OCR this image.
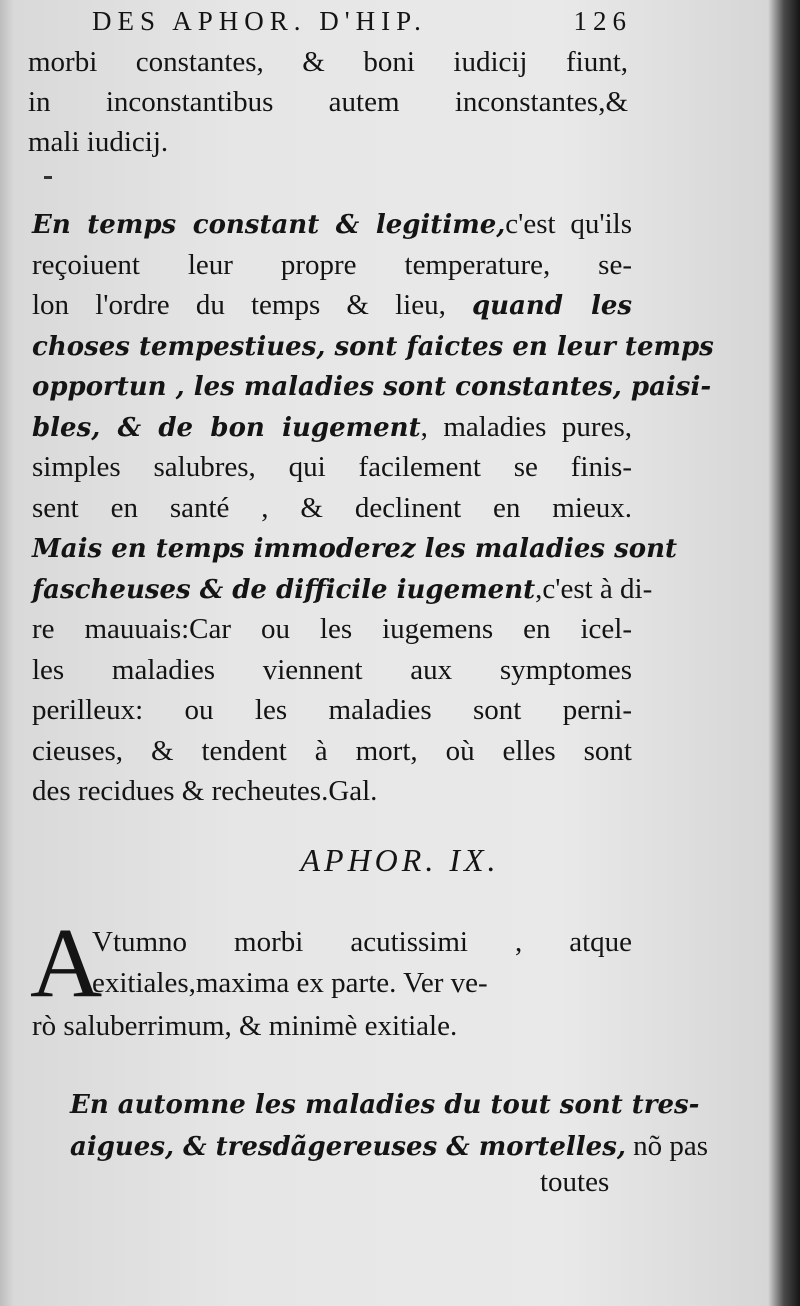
DES APHOR. D'HIP.	126
morbi constantes, & boni iudicij fiunt,
in inconstantibus autem inconstantes,&
mali iudicij.
En temps constant & legitime,c'est qu'ils
reçoiuent leur propre temperature, se-
lon l'ordre du temps & lieu, quand les
choses tempestiues, sont faictes en leur temps
opportun , les maladies sont constantes, paisi-
bles, & de bon iugement, maladies pures,
simples salubres, qui facilement se finis-
sent en santé , & declinent en mieux.
Mais en temps immoderez les maladies sont
fascheuses & de difficile iugement,c'est à di-
re mauuais:Car ou les iugemens en icel-
les maladies viennent aux symptomes
perilleux: ou les maladies sont perni-
cieuses, & tendent à mort, où elles sont
des recidues & recheutes.Gal.
APHOR. IX.
A
Vtumno morbi acutissimi , atque
exitiales,maxima ex parte. Ver ve-
rò saluberrimum, & minimè exitiale.
En automne les maladies du tout sont tres-
aigues, & tresdãgereuses & mortelles, nõ pas
toutes
